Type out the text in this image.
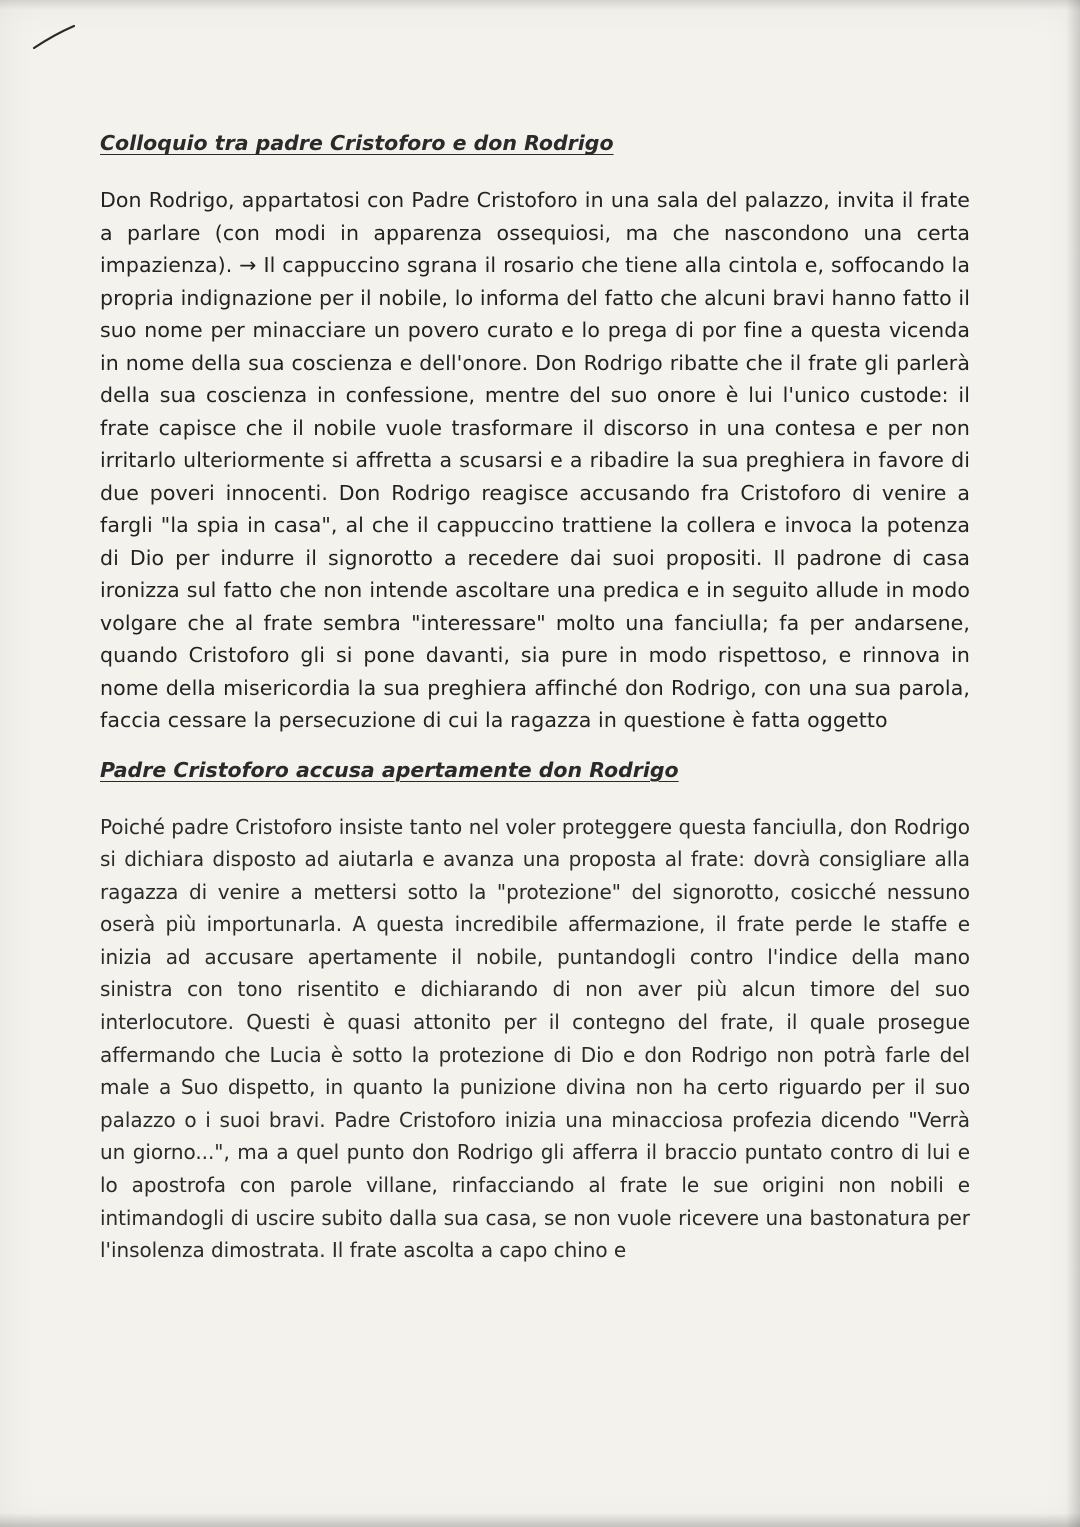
Colloquio tra padre Cristoforo e don Rodrigo

Don Rodrigo, appartatosi con Padre Cristoforo in una sala del palazzo, invita il frate a parlare (con modi in apparenza ossequiosi, ma che nascondono una certa impazienza). → Il cappuccino sgrana il rosario che tiene alla cintola e, soffocando la propria indignazione per il nobile, lo informa del fatto che alcuni bravi hanno fatto il suo nome per minacciare un povero curato e lo prega di por fine a questa vicenda in nome della sua coscienza e dell'onore. Don Rodrigo ribatte che il frate gli parlerà della sua coscienza in confessione, mentre del suo onore è lui l'unico custode: il frate capisce che il nobile vuole trasformare il discorso in una contesa e per non irritarlo ulteriormente si affretta a scusarsi e a ribadire la sua preghiera in favore di due poveri innocenti. Don Rodrigo reagisce accusando fra Cristoforo di venire a fargli "la spia in casa", al che il cappuccino trattiene la collera e invoca la potenza di Dio per indurre il signorotto a recedere dai suoi propositi. Il padrone di casa ironizza sul fatto che non intende ascoltare una predica e in seguito allude in modo volgare che al frate sembra "interessare" molto una fanciulla; fa per andarsene, quando Cristoforo gli si pone davanti, sia pure in modo rispettoso, e rinnova in nome della misericordia la sua preghiera affinché don Rodrigo, con una sua parola, faccia cessare la persecuzione di cui la ragazza in questione è fatta oggetto

Padre Cristoforo accusa apertamente don Rodrigo

Poiché padre Cristoforo insiste tanto nel voler proteggere questa fanciulla, don Rodrigo si dichiara disposto ad aiutarla e avanza una proposta al frate: dovrà consigliare alla ragazza di venire a mettersi sotto la "protezione" del signorotto, cosicché nessuno oserà più importunarla. A questa incredibile affermazione, il frate perde le staffe e inizia ad accusare apertamente il nobile, puntandogli contro l'indice della mano sinistra con tono risentito e dichiarando di non aver più alcun timore del suo interlocutore. Questi è quasi attonito per il contegno del frate, il quale prosegue affermando che Lucia è sotto la protezione di Dio e don Rodrigo non potrà farle del male a Suo dispetto, in quanto la punizione divina non ha certo riguardo per il suo palazzo o i suoi bravi. Padre Cristoforo inizia una minacciosa profezia dicendo "Verrà un giorno...", ma a quel punto don Rodrigo gli afferra il braccio puntato contro di lui e lo apostrofa con parole villane, rinfacciando al frate le sue origini non nobili e intimandogli di uscire subito dalla sua casa, se non vuole ricevere una bastonatura per l'insolenza dimostrata. Il frate ascolta a capo chino e
